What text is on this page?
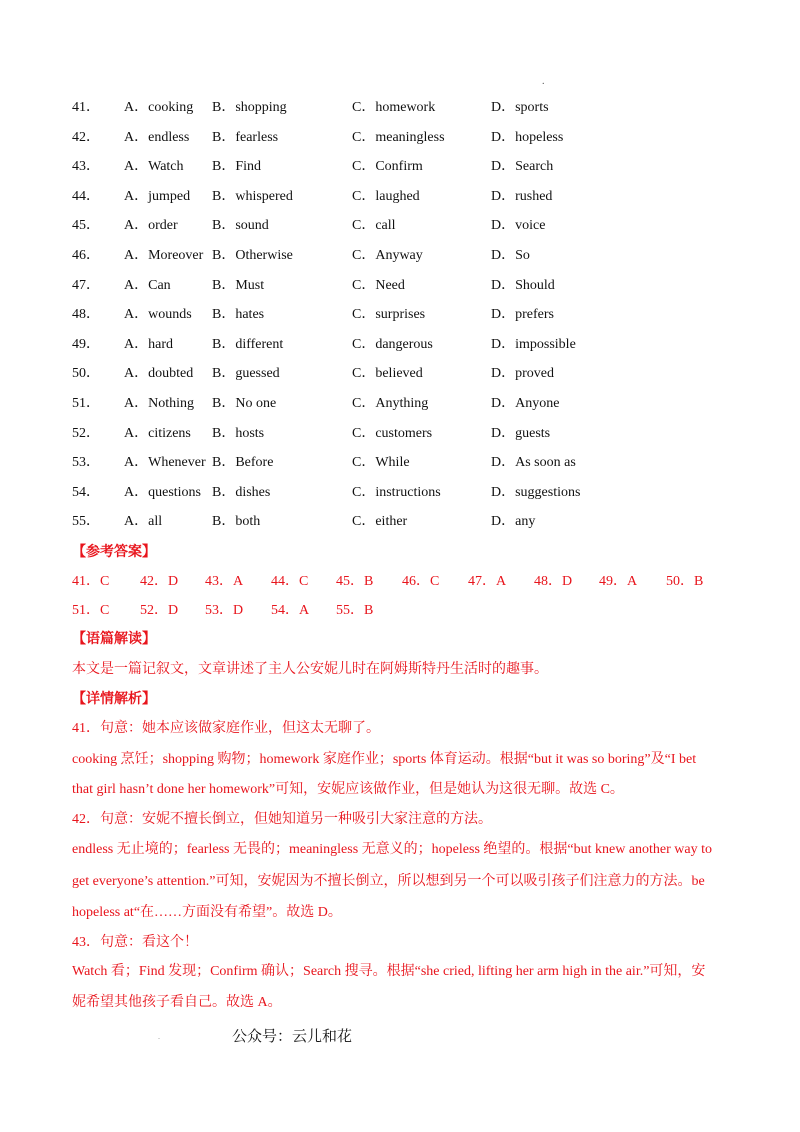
.
41． A．cooking B．shopping	C．homework	D．sports
42． A．endless B．fearless	C．meaningless	D．hopeless
43． A．Watch B．Find	C．Confirm	D．Search
44． A．jumped B．whispered	C．laughed	D．rushed
45． A．order B．sound	C．call	D．voice
46． A．Moreover B．Otherwise	C．Anyway	D．So
47． A．Can	B．Must	C．Need	D．Should
48． A．wounds B．hates	C．surprises	D．prefers
49． A．hard	B．different	C．dangerous	D．impossible
50． A．doubted B．guessed	C．believed	D．proved
51． A．Nothing B．No one	C．Anything	D．Anyone
52． A．citizens B．hosts	C．customers	D．guests
53． A．Whenever B．Before	C．While	D．As soon as
54． A．questions B．dishes	C．instructions	D．suggestions
55． A．all	B．both	C．either	D．any
【参考答案】
41．C 42．D 43．A 44．C 45．B 46．C 47．A 48．D 49．A 50．B
51．C 52．D 53．D 54．A 55．B
【语篇解读】
本文是一篇记叙文，文章讲述了主人公安妮儿时在阿姆斯特丹生活时的趣事。
【详情解析】
41．句意：她本应该做家庭作业，但这太无聊了。
cooking 烹饪；shopping 购物；homework 家庭作业；sports 体育运动。根据“but it was so boring”及“I bet
that girl hasn’t done her homework”可知，安妮应该做作业，但是她认为这很无聊。故选 C。
42．句意：安妮不擅长倒立，但她知道另一种吸引大家注意的方法。
endless 无止境的；fearless 无畏的；meaningless 无意义的；hopeless 绝望的。根据“but knew another way to
get everyone’s attention.”可知，安妮因为不擅长倒立，所以想到另一个可以吸引孩子们注意力的方法。be
hopeless at“在……方面没有希望”。故选 D。
43．句意：看这个！
Watch 看；Find 发现；Confirm 确认；Search 搜寻。根据“she cried, lifting her arm high in the air.”可知，安
妮希望其他孩子看自己。故选 A。
.	公众号：云儿和花
